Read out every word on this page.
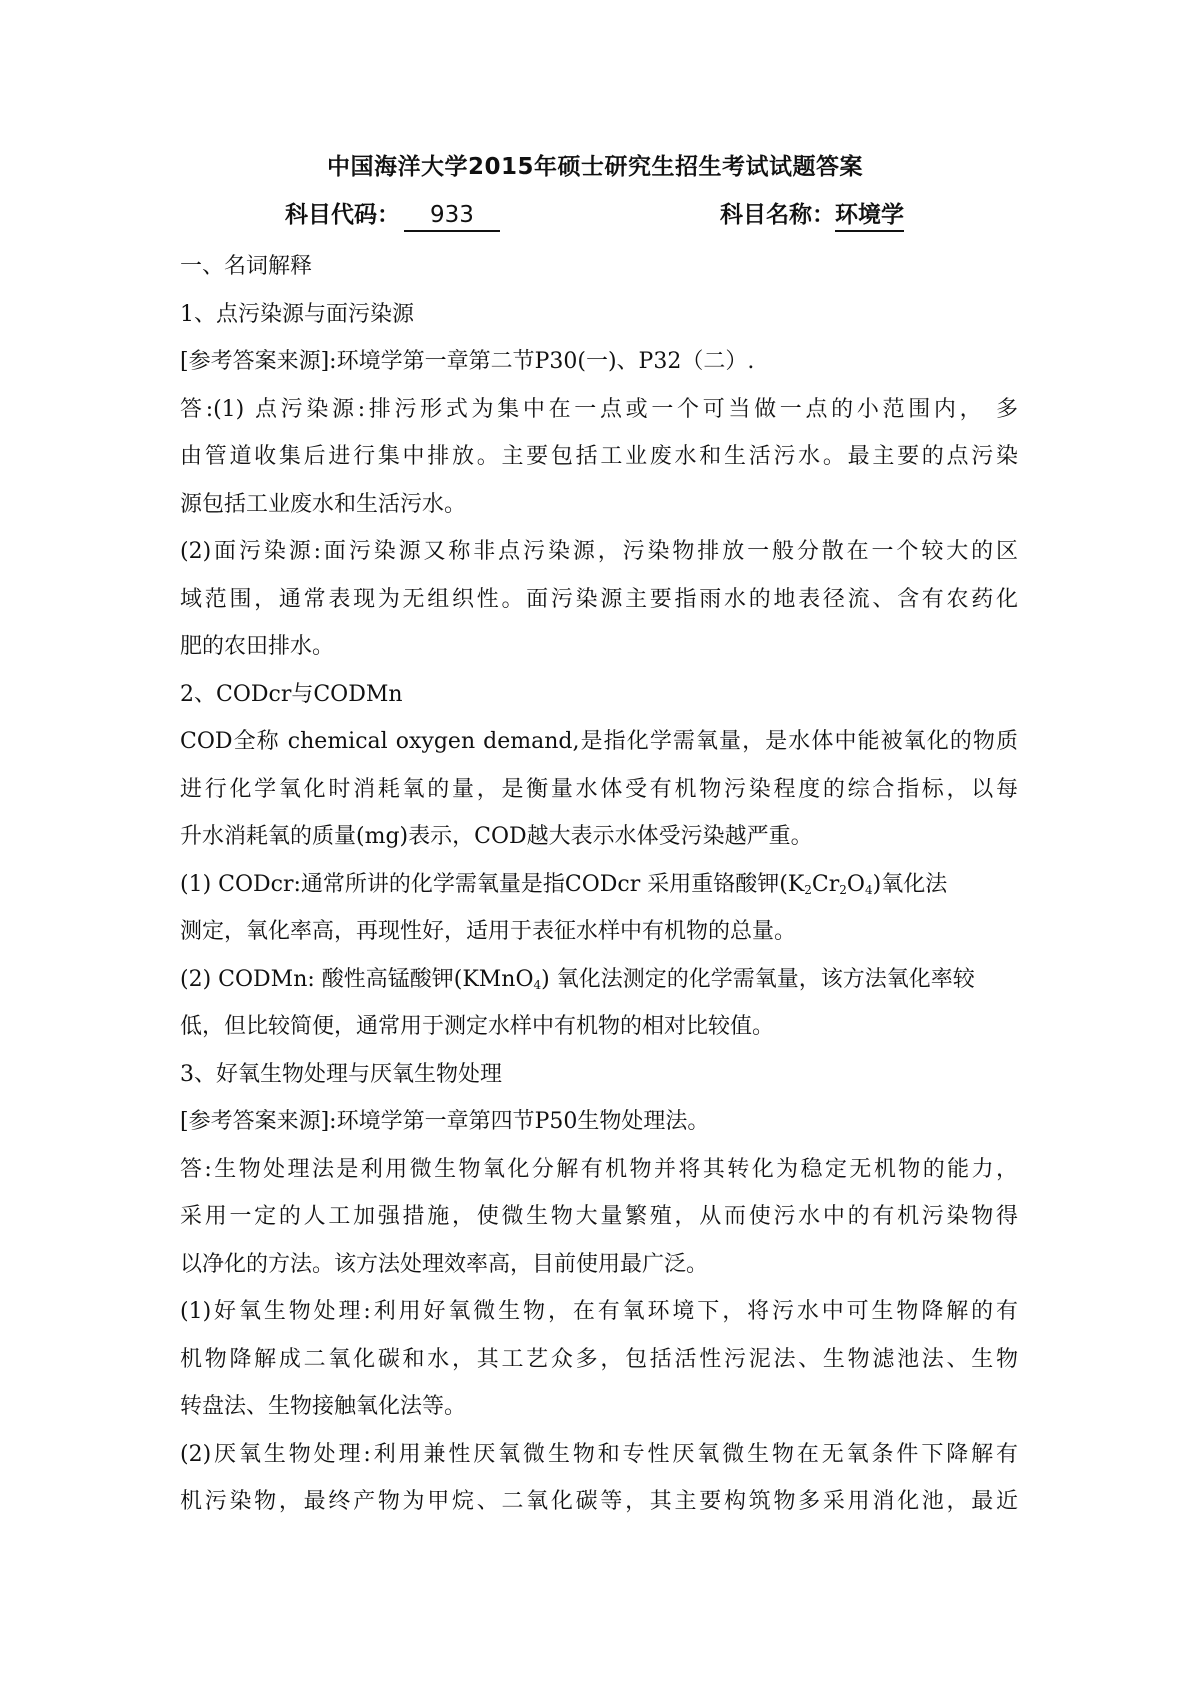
中国海洋大学2015年硕士研究生招生考试试题答案
科目代码： 933	科目名称：环境学
一、名词解释
1、点污染源与面污染源
[参考答案来源]:环境学第一章第二节P30(一)、P32（二）.
答:(1) 点污染源:排污形式为集中在一点或一个可当做一点的小范围内， 多
由管道收集后进行集中排放。主要包括工业废水和生活污水。最主要的点污染
源包括工业废水和生活污水。
(2)面污染源:面污染源又称非点污染源，污染物排放一般分散在一个较大的区
域范围，通常表现为无组织性。面污染源主要指雨水的地表径流、含有农药化
肥的农田排水。
2、CODcr与CODMn
COD全称 chemical oxygen demand,是指化学需氧量，是水体中能被氧化的物质
进行化学氧化时消耗氧的量，是衡量水体受有机物污染程度的综合指标，以每
升水消耗氧的质量(mg)表示，COD越大表示水体受污染越严重。
(1) CODcr:通常所讲的化学需氧量是指CODcr 采用重铬酸钾$(K_2Cr_2O_4)$氧化法
测定，氧化率高，再现性好，适用于表征水样中有机物的总量。
(2) CODMn: 酸性高锰酸钾(KMnO$_4$) 氧化法测定的化学需氧量，该方法氧化率较
低，但比较简便，通常用于测定水样中有机物的相对比较值。
3、好氧生物处理与厌氧生物处理
[参考答案来源]:环境学第一章第四节P50生物处理法。
答:生物处理法是利用微生物氧化分解有机物并将其转化为稳定无机物的能力，
采用一定的人工加强措施，使微生物大量繁殖，从而使污水中的有机污染物得
以净化的方法。该方法处理效率高，目前使用最广泛。
(1)好氧生物处理:利用好氧微生物，在有氧环境下，将污水中可生物降解的有
机物降解成二氧化碳和水，其工艺众多，包括活性污泥法、生物滤池法、生物
转盘法、生物接触氧化法等。
(2)厌氧生物处理:利用兼性厌氧微生物和专性厌氧微生物在无氧条件下降解有
机污染物，最终产物为甲烷、二氧化碳等，其主要构筑物多采用消化池，最近
